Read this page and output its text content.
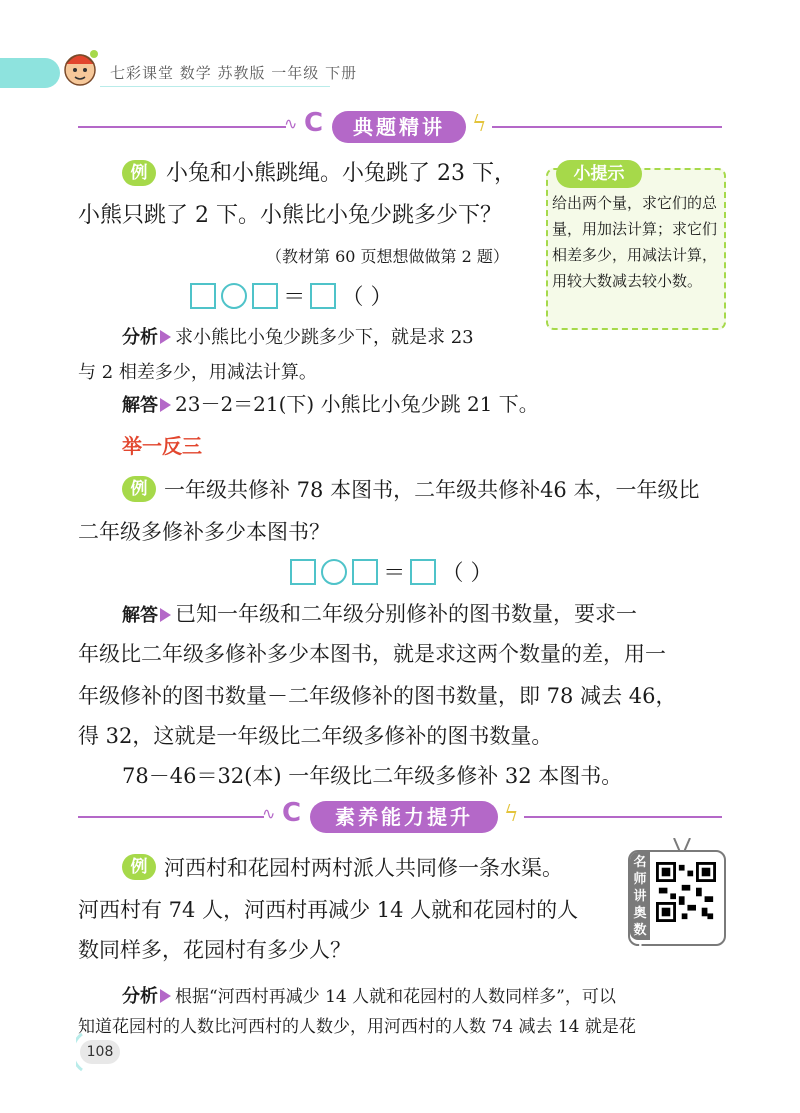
七彩课堂 数学 苏教版 一年级 下册
∿ C	典题精讲	ϟ
例 小兔和小熊跳绳。小兔跳了 23 下，
小熊只跳了 2 下。小熊比小兔少跳多少下？
（教材第 60 页想想做做第 2 题）
＝ （ ）
分析 求小熊比小兔少跳多少下，就是求 23
与 2 相差多少，用减法计算。
解答 23－2＝21(下) 小熊比小兔少跳 21 下。
小提示
给出两个量，求它们的总量，用加法计算；求它们相差多少，用减法计算，用较大数减去较小数。
举一反三
例 一年级共修补 78 本图书，二年级共修补46 本，一年级比
二年级多修补多少本图书？
＝ （ ）
解答 已知一年级和二年级分别修补的图书数量，要求一
年级比二年级多修补多少本图书，就是求这两个数量的差，用一
年级修补的图书数量－二年级修补的图书数量，即 78 减去 46，
得 32，这就是一年级比二年级多修补的图书数量。
78－46＝32(本) 一年级比二年级多修补 32 本图书。
∿ C	素养能力提升	ϟ
例 河西村和花园村两村派人共同修一条水渠。
河西村有 74 人，河西村再减少 14 人就和花园村的人
数同样多，花园村有多少人？
分析 根据“河西村再减少 14 人就和花园村的人数同样多”，可以
知道花园村的人数比河西村的人数少，用河西村的人数 74 减去 14 就是花
名师讲奥数17
108
